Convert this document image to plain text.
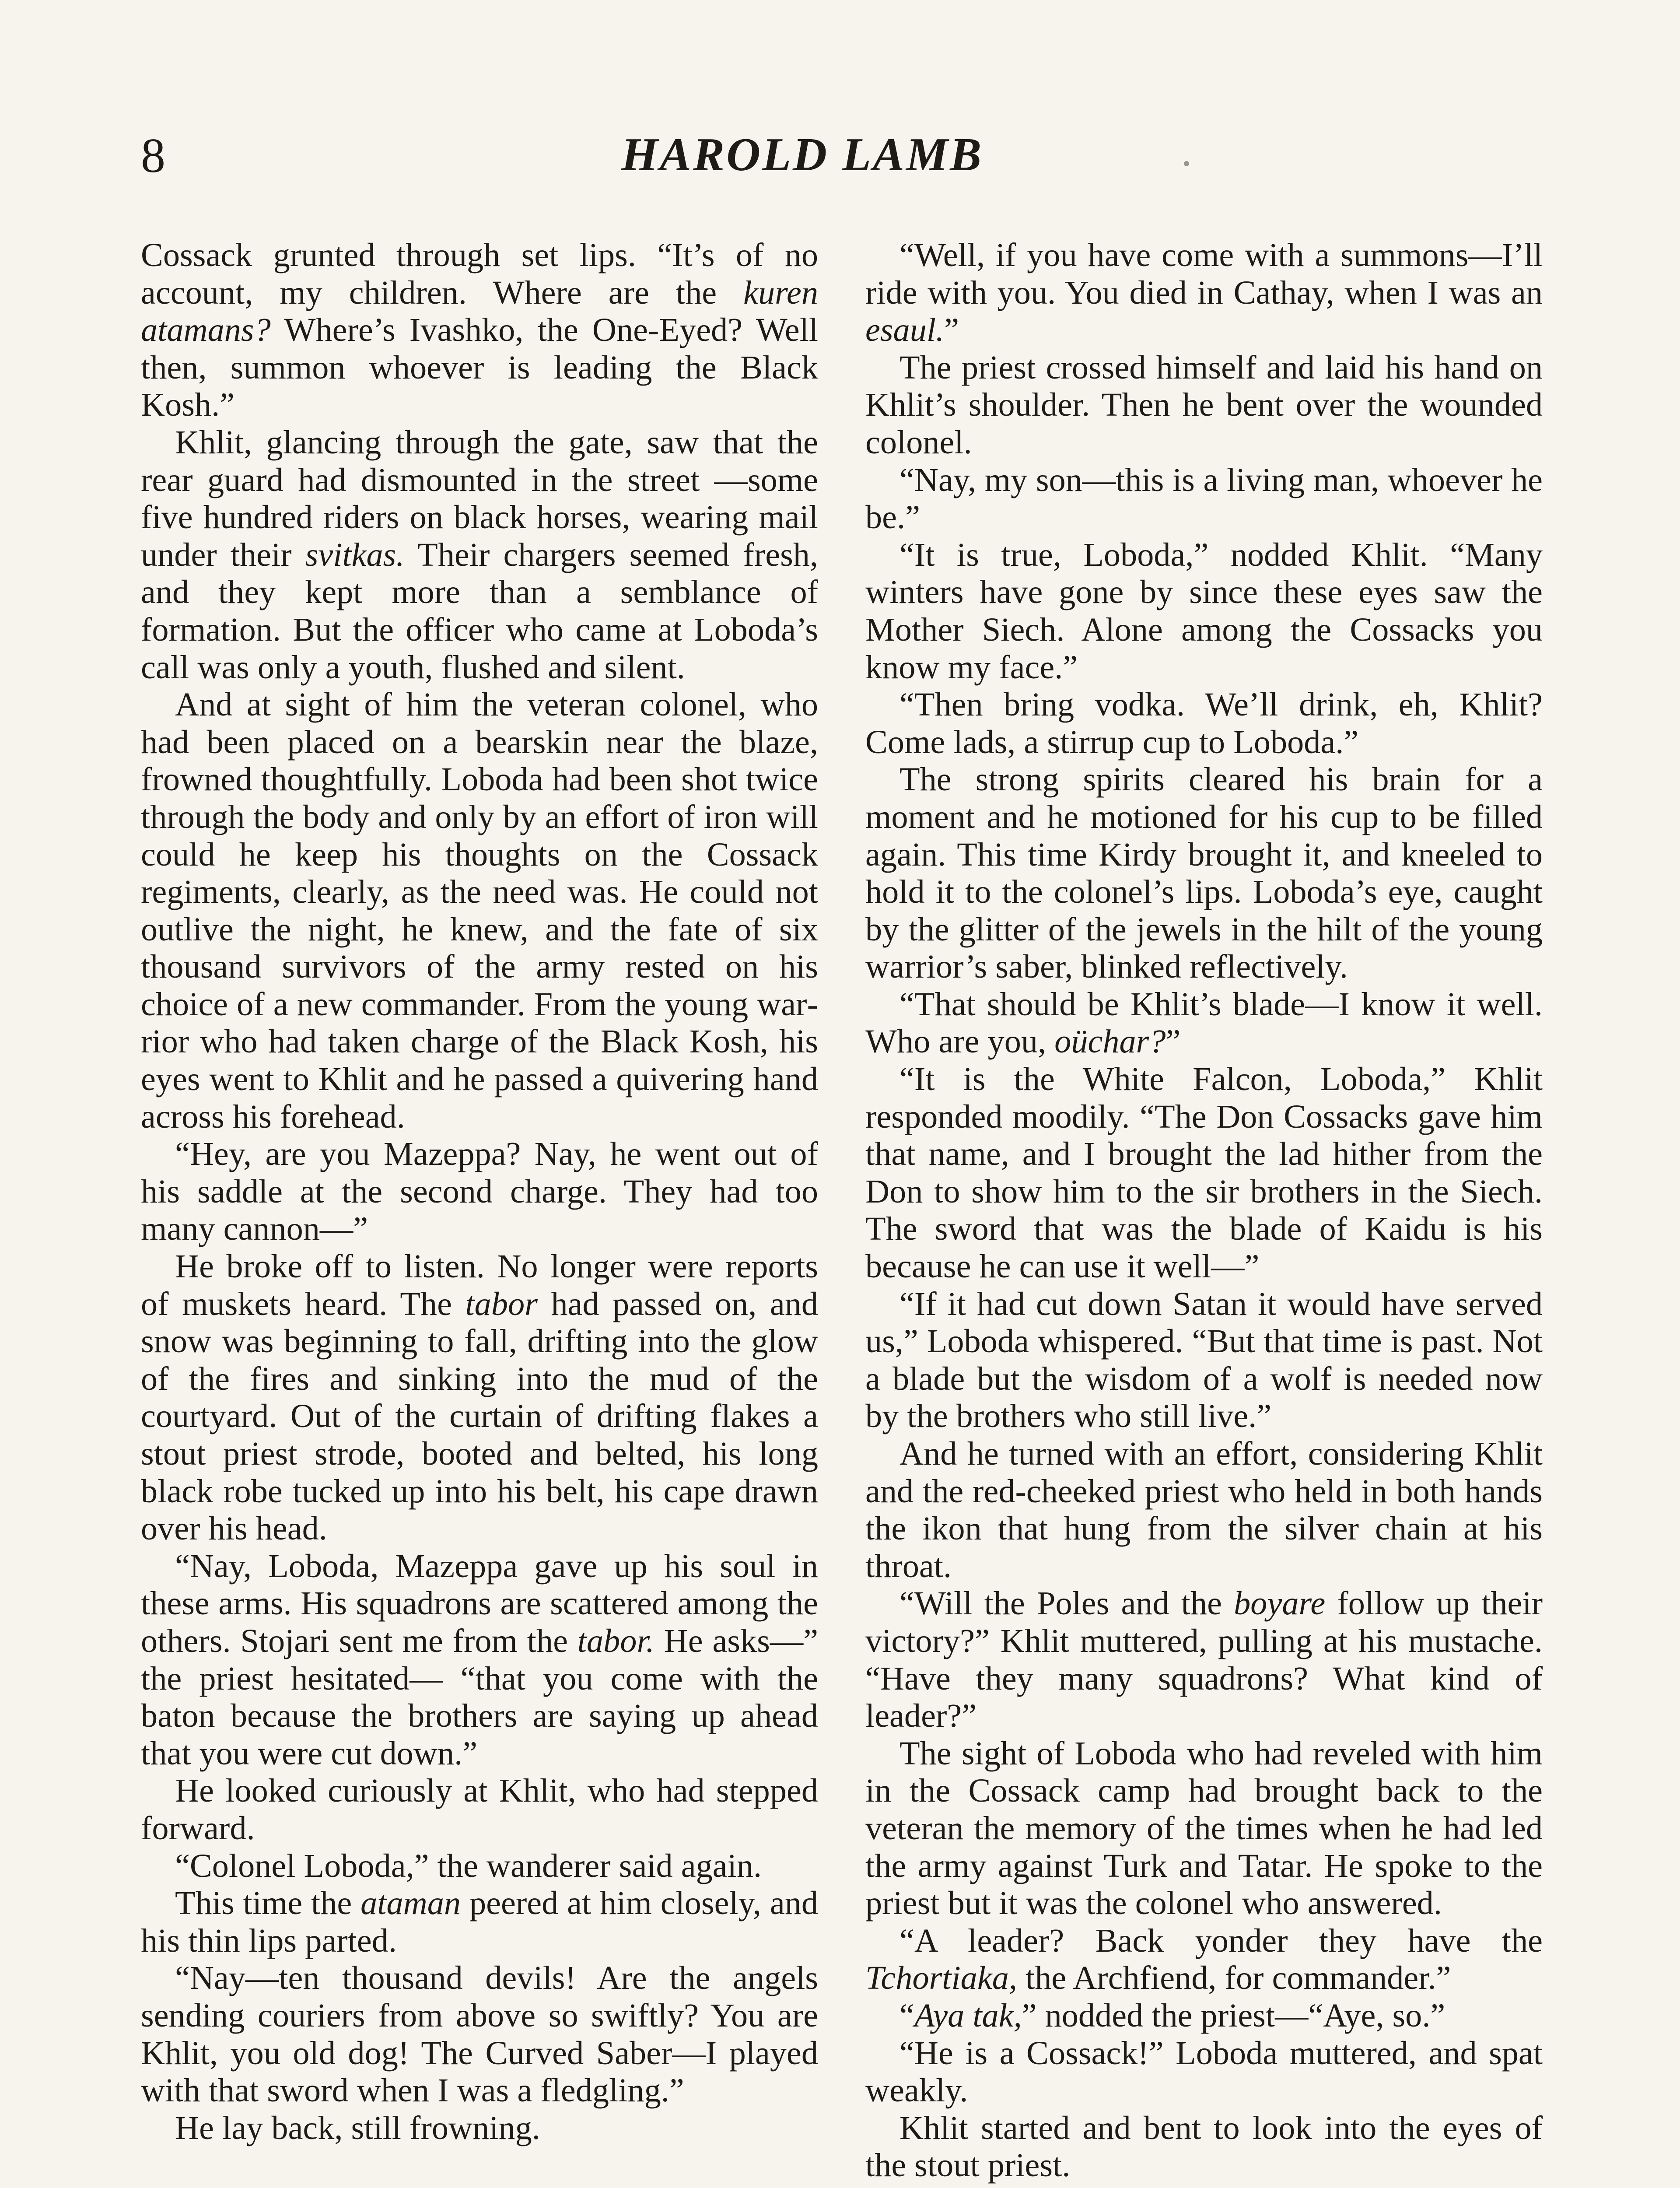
8	HAROLD LAMB

Cossack grunted through set lips. “It’s of no account, my children. Where are the kuren atamans? Where’s Ivashko, the One-Eyed? Well then, summon whoever is leading the Black Kosh.”

Khlit, glancing through the gate, saw that the rear guard had dismounted in the street —some five hundred riders on black horses, wearing mail under their svitkas. Their chargers seemed fresh, and they kept more than a semblance of formation. But the officer who came at Loboda’s call was only a youth, flushed and silent.

And at sight of him the veteran colonel, who had been placed on a bearskin near the blaze, frowned thoughtfully. Loboda had been shot twice through the body and only by an effort of iron will could he keep his thoughts on the Cossack regiments, clearly, as the need was. He could not outlive the night, he knew, and the fate of six thousand survivors of the army rested on his choice of a new commander. From the young warrior who had taken charge of the Black Kosh, his eyes went to Khlit and he passed a quivering hand across his forehead.

“Hey, are you Mazeppa? Nay, he went out of his saddle at the second charge. They had too many cannon—”

He broke off to listen. No longer were reports of muskets heard. The tabor had passed on, and snow was beginning to fall, drifting into the glow of the fires and sinking into the mud of the courtyard. Out of the curtain of drifting flakes a stout priest strode, booted and belted, his long black robe tucked up into his belt, his cape drawn over his head.

“Nay, Loboda, Mazeppa gave up his soul in these arms. His squadrons are scattered among the others. Stojari sent me from the tabor. He asks—” the priest hesitated— “that you come with the baton because the brothers are saying up ahead that you were cut down.”

He looked curiously at Khlit, who had stepped forward.

“Colonel Loboda,” the wanderer said again.

This time the ataman peered at him closely, and his thin lips parted.

“Nay—ten thousand devils! Are the angels sending couriers from above so swiftly? You are Khlit, you old dog! The Curved Saber—I played with that sword when I was a fledgling.”

He lay back, still frowning.

“Well, if you have come with a summons—I’ll ride with you. You died in Cathay, when I was an esaul.”

The priest crossed himself and laid his hand on Khlit’s shoulder. Then he bent over the wounded colonel.

“Nay, my son—this is a living man, whoever he be.”

“It is true, Loboda,” nodded Khlit. “Many winters have gone by since these eyes saw the Mother Siech. Alone among the Cossacks you know my face.”

“Then bring vodka. We’ll drink, eh, Khlit? Come lads, a stirrup cup to Loboda.”

The strong spirits cleared his brain for a moment and he motioned for his cup to be filled again. This time Kirdy brought it, and kneeled to hold it to the colonel’s lips. Loboda’s eye, caught by the glitter of the jewels in the hilt of the young warrior’s saber, blinked reflectively.

“That should be Khlit’s blade—I know it well. Who are you, oüchar?”

“It is the White Falcon, Loboda,” Khlit responded moodily. “The Don Cossacks gave him that name, and I brought the lad hither from the Don to show him to the sir brothers in the Siech. The sword that was the blade of Kaidu is his because he can use it well—”

“If it had cut down Satan it would have served us,” Loboda whispered. “But that time is past. Not a blade but the wisdom of a wolf is needed now by the brothers who still live.”

And he turned with an effort, considering Khlit and the red-cheeked priest who held in both hands the ikon that hung from the silver chain at his throat.

“Will the Poles and the boyare follow up their victory?” Khlit muttered, pulling at his mustache. “Have they many squadrons? What kind of leader?”

The sight of Loboda who had reveled with him in the Cossack camp had brought back to the veteran the memory of the times when he had led the army against Turk and Tatar. He spoke to the priest but it was the colonel who answered.

“A leader? Back yonder they have the Tchortiaka, the Archfiend, for commander.”

“Aya tak,” nodded the priest—“Aye, so.”

“He is a Cossack!” Loboda muttered, and spat weakly.

Khlit started and bent to look into the eyes of the stout priest.
